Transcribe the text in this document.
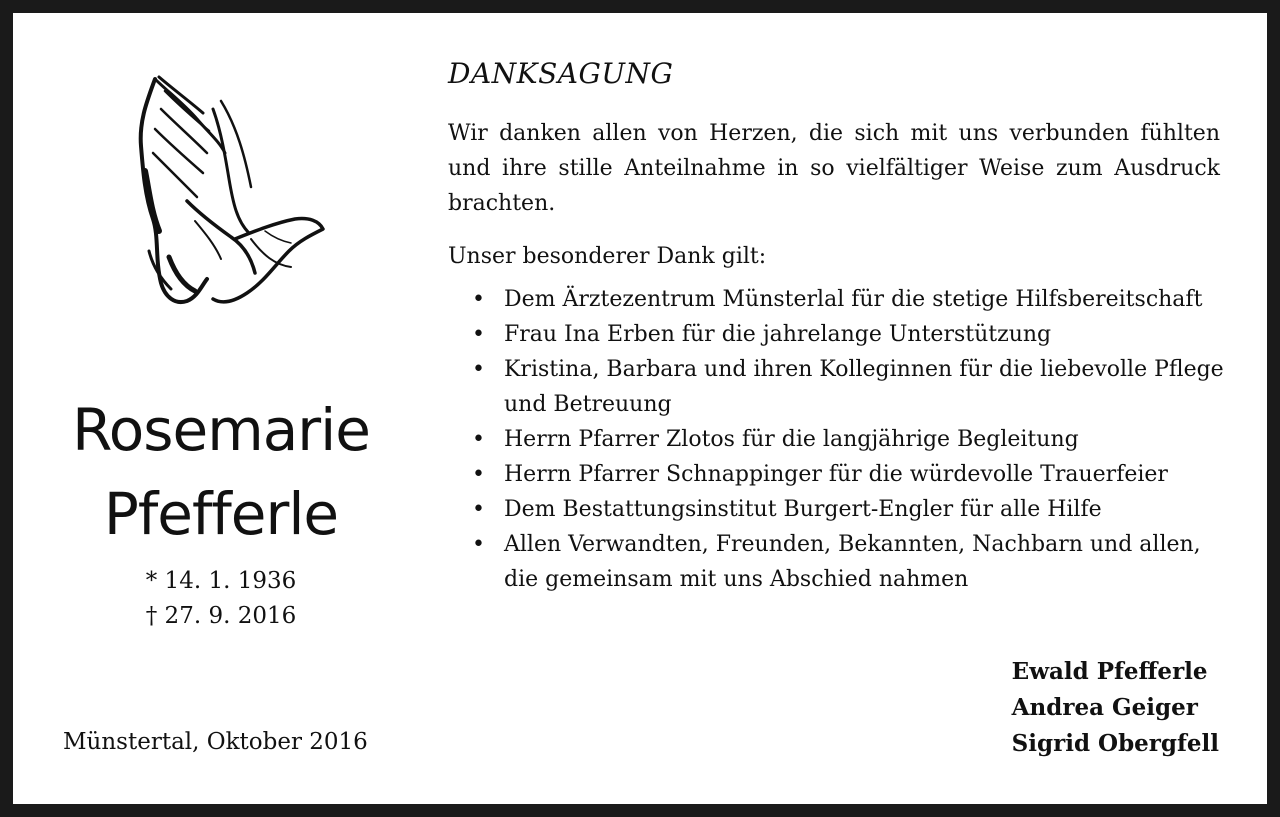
Rosemarie
Pfefferle
* 14. 1. 1936
† 27. 9. 2016
Münstertal, Oktober 2016
DANKSAGUNG
Wir danken allen von Herzen, die sich mit uns verbunden fühlten und ihre stille Anteilnahme in so vielfältiger Weise zum Ausdruck brachten.
Unser besonderer Dank gilt:
• Dem Ärztezentrum Münsterlal für die stetige Hilfsbereitschaft
• Frau Ina Erben für die jahrelange Unterstützung
• Kristina, Barbara und ihren Kolleginnen für die liebevolle Pflege und Betreuung
• Herrn Pfarrer Zlotos für die langjährige Begleitung
• Herrn Pfarrer Schnappinger für die würdevolle Trauerfeier
• Dem Bestattungsinstitut Burgert-Engler für alle Hilfe
• Allen Verwandten, Freunden, Bekannten, Nachbarn und allen, die gemeinsam mit uns Abschied nahmen
Ewald Pfefferle
Andrea Geiger
Sigrid Obergfell
